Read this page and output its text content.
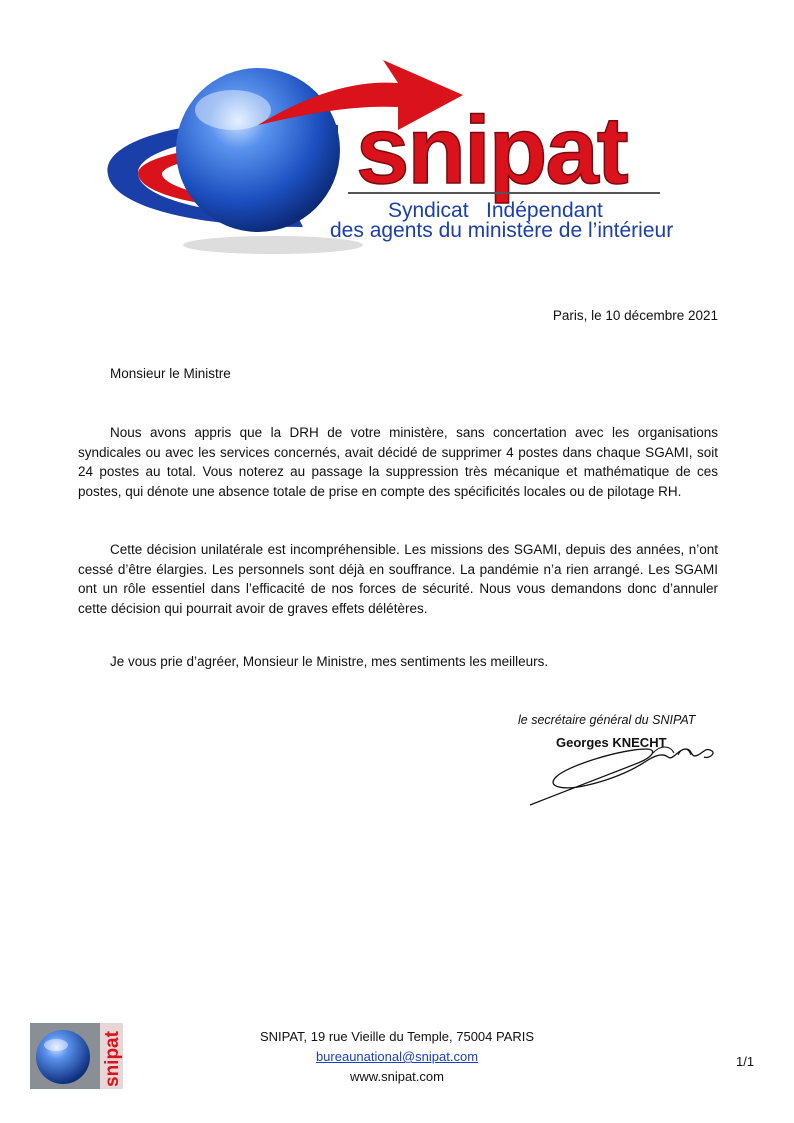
snipat
Syndicat   Indépendant
des agents du ministère de l’intérieur
Paris, le 10 décembre 2021
Monsieur le Ministre

Nous avons appris que la DRH de votre ministère, sans concertation avec les organisations syndicales ou avec les services concernés, avait décidé de supprimer 4 postes dans chaque SGAMI, soit 24 postes au total. Vous noterez au passage la suppression très mécanique et mathématique de ces postes, qui dénote une absence totale de prise en compte des spécificités locales ou de pilotage RH.

Cette décision unilatérale est incompréhensible. Les missions des SGAMI, depuis des années, n’ont cessé d’être élargies. Les personnels sont déjà en souffrance. La pandémie n’a rien arrangé. Les SGAMI ont un rôle essentiel dans l’efficacité de nos forces de sécurité. Nous vous demandons donc d’annuler cette décision qui pourrait avoir de graves effets délétères.

Je vous prie d’agréer, Monsieur le Ministre, mes sentiments les meilleurs.
le secrétaire général du SNIPAT
Georges KNECHT
snipat	SNIPAT, 19 rue Vieille du Temple, 75004 PARIS
bureaunational@snipat.com
www.snipat.com
1/1
